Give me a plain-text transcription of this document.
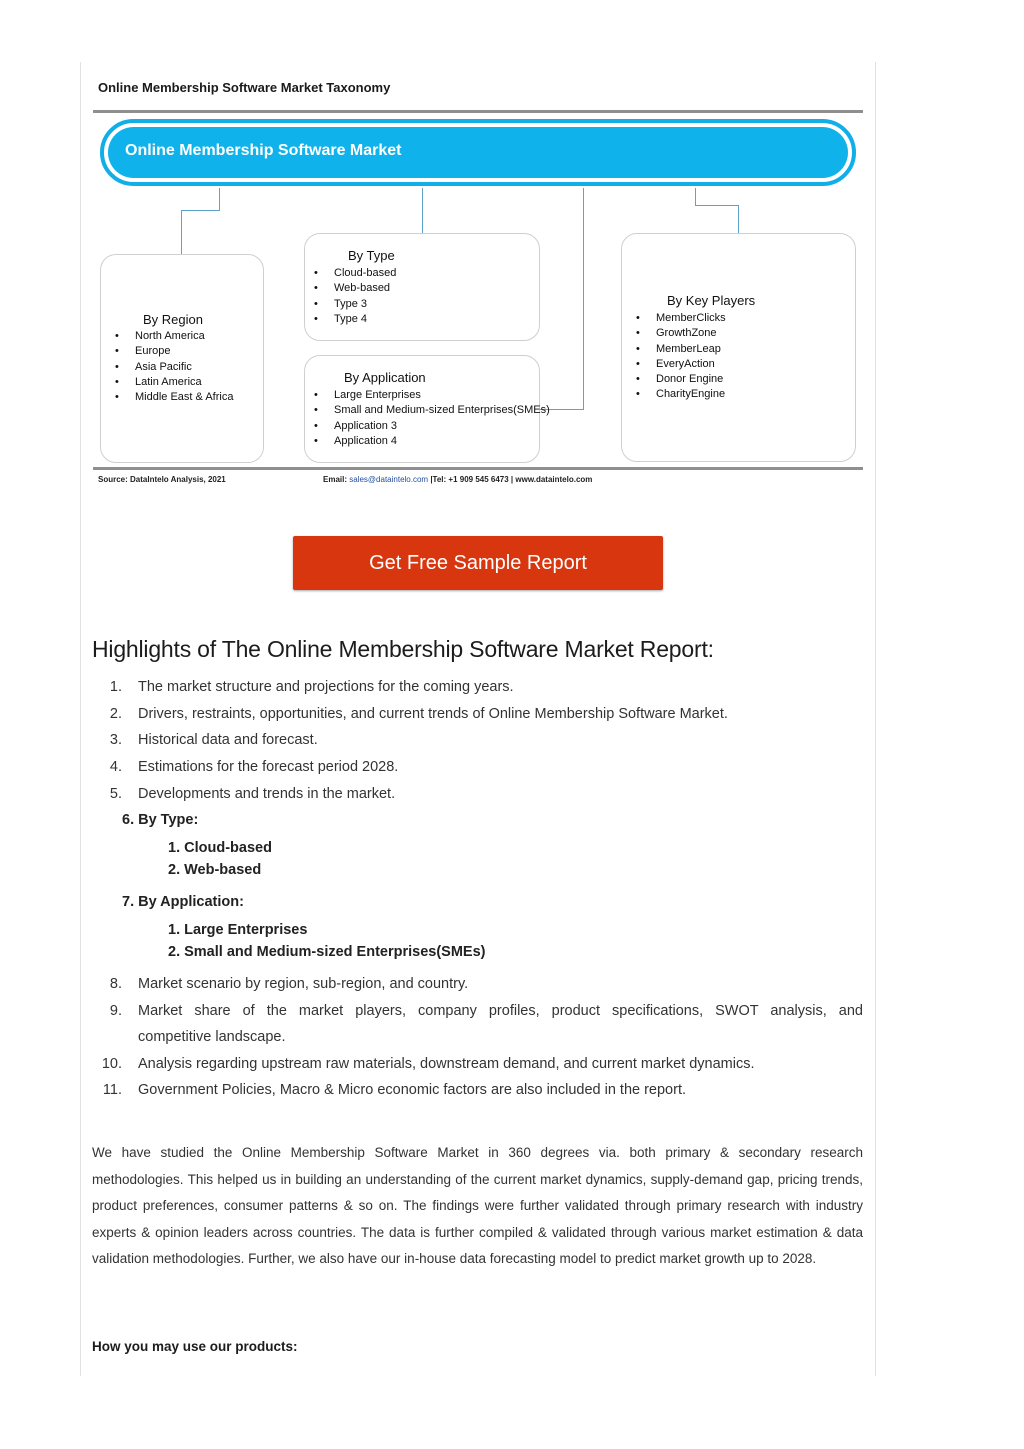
Online Membership Software Market Taxonomy
Online Membership Software Market
By Region
• North America
• Europe
• Asia Pacific
• Latin America
• Middle East & Africa
By Type
• Cloud-based
• Web-based
• Type 3
• Type 4
By Application
• Large Enterprises
• Small and Medium-sized Enterprises(SMEs)
• Application 3
• Application 4
By Key Players
• MemberClicks
• GrowthZone
• MemberLeap
• EveryAction
• Donor Engine
• CharityEngine
Source: DataIntelo Analysis, 2021	Email: sales@dataintelo.com |Tel: +1 909 545 6473 | www.dataintelo.com
Get Free Sample Report
Highlights of The Online Membership Software Market Report:
1. The market structure and projections for the coming years.
2. Drivers, restraints, opportunities, and current trends of Online Membership Software Market.
3. Historical data and forecast.
4. Estimations for the forecast period 2028.
5. Developments and trends in the market.
6. By Type:
1. Cloud-based
2. Web-based
7. By Application:
1. Large Enterprises
2. Small and Medium-sized Enterprises(SMEs)
8. Market scenario by region, sub-region, and country.
9. Market share of the market players, company profiles, product specifications, SWOT analysis, and
competitive landscape.
10. Analysis regarding upstream raw materials, downstream demand, and current market dynamics.
11. Government Policies, Macro & Micro economic factors are also included in the report.

We have studied the Online Membership Software Market in 360 degrees via. both primary & secondary research methodologies. This helped us in building an understanding of the current market dynamics, supply-demand gap, pricing trends, product preferences, consumer patterns & so on. The findings were further validated through primary research with industry experts & opinion leaders across countries. The data is further compiled & validated through various market estimation & data validation methodologies. Further, we also have our in-house data forecasting model to predict market growth up to 2028.

How you may use our products:
